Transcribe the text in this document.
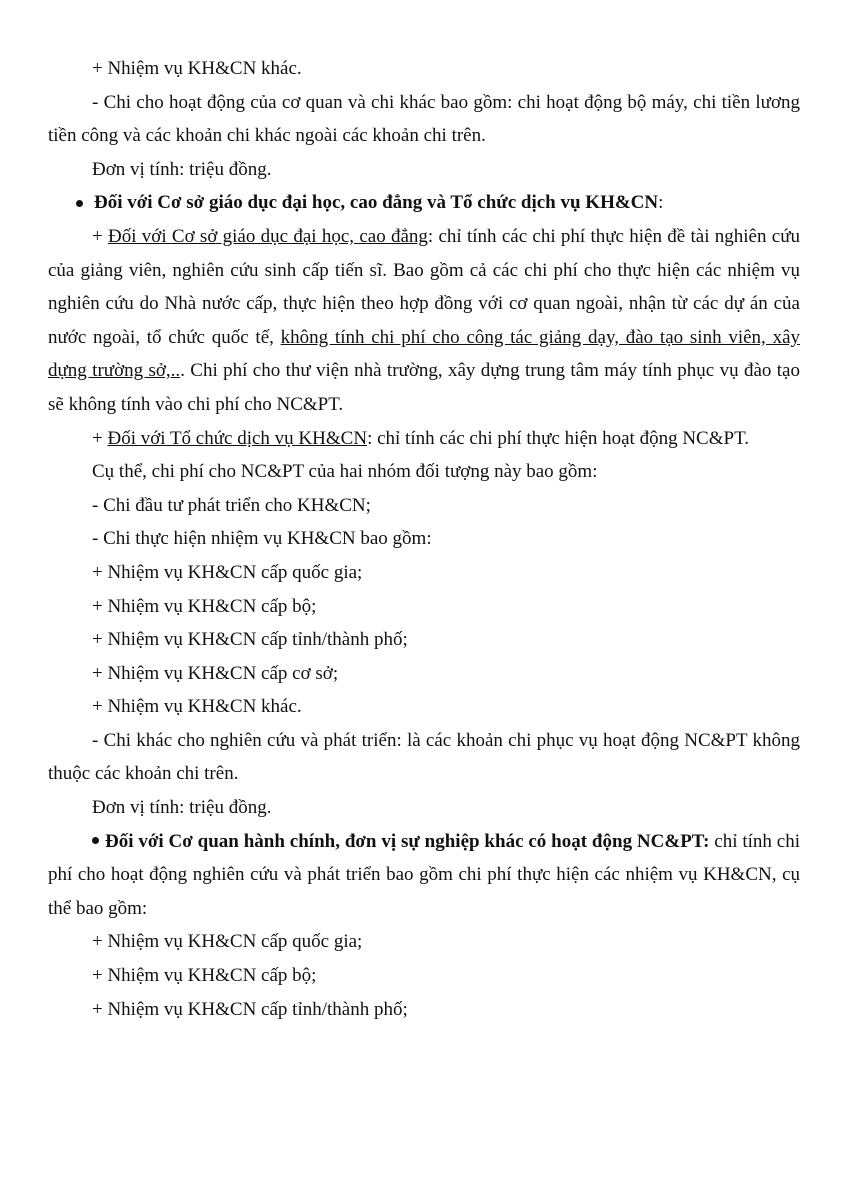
+ Nhiệm vụ KH&CN khác.

- Chi cho hoạt động của cơ quan và chi khác bao gồm: chi hoạt động bộ máy, chi tiền lương tiền công và các khoản chi khác ngoài các khoản chi trên.

Đơn vị tính: triệu đồng.

Đối với Cơ sở giáo dục đại học, cao đẳng và Tổ chức dịch vụ KH&CN:

+ Đối với Cơ sở giáo dục đại học, cao đẳng: chỉ tính các chi phí thực hiện đề tài nghiên cứu của giảng viên, nghiên cứu sinh cấp tiến sĩ. Bao gồm cả các chi phí cho thực hiện các nhiệm vụ nghiên cứu do Nhà nước cấp, thực hiện theo hợp đồng với cơ quan ngoài, nhận từ các dự án của nước ngoài, tổ chức quốc tế, không tính chi phí cho công tác giảng dạy, đào tạo sinh viên, xây dựng trường sở,... Chi phí cho thư viện nhà trường, xây dựng trung tâm máy tính phục vụ đào tạo sẽ không tính vào chi phí cho NC&PT.

+ Đối với Tổ chức dịch vụ KH&CN: chỉ tính các chi phí thực hiện hoạt động NC&PT.

Cụ thể, chi phí cho NC&PT của hai nhóm đối tượng này bao gồm:

- Chi đầu tư phát triển cho KH&CN;

- Chi thực hiện nhiệm vụ KH&CN bao gồm:

+ Nhiệm vụ KH&CN cấp quốc gia;

+ Nhiệm vụ KH&CN cấp bộ;

+ Nhiệm vụ KH&CN cấp tỉnh/thành phố;

+ Nhiệm vụ KH&CN cấp cơ sở;

+ Nhiệm vụ KH&CN khác.

- Chi khác cho nghiên cứu và phát triển: là các khoản chi phục vụ hoạt động NC&PT không thuộc các khoản chi trên.

Đơn vị tính: triệu đồng.

Đối với Cơ quan hành chính, đơn vị sự nghiệp khác có hoạt động NC&PT: chỉ tính chi phí cho hoạt động nghiên cứu và phát triển bao gồm chi phí thực hiện các nhiệm vụ KH&CN, cụ thể bao gồm:

+ Nhiệm vụ KH&CN cấp quốc gia;

+ Nhiệm vụ KH&CN cấp bộ;

+ Nhiệm vụ KH&CN cấp tỉnh/thành phố;
